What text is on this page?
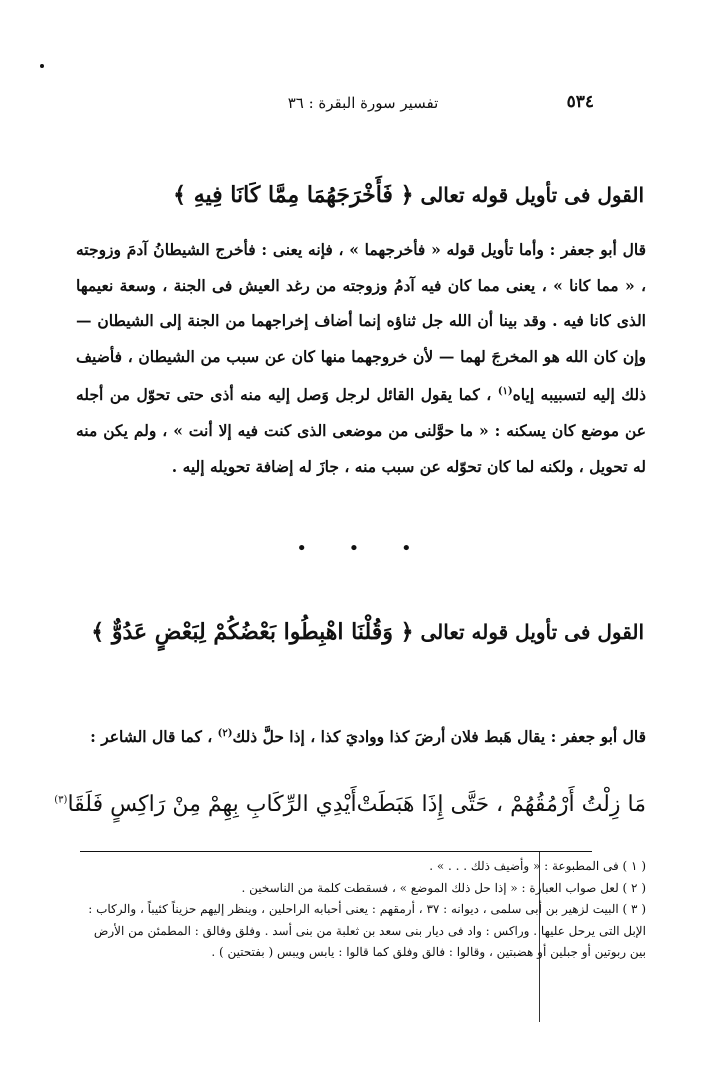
٥٣٤
تفسير سورة البقرة : ٣٦
القول فى تأويل قوله تعالى ﴿ فَأَخْرَجَهُمَا مِمَّا كَانَا فِيهِ ﴾
قال أبو جعفر : وأما تأويل قوله « فأخرجهما » ، فإنه يعنى : فأخرج الشيطانُ آدمَ وزوجته ، « مما كانا » ، يعنى مما كان فيه آدمُ وزوجته من رغد العيش فى الجنة ، وسعة نعيمها الذى كانا فيه . وقد بينا أن الله جل ثناؤه إنما أضاف إخراجهما من الجنة إلى الشيطان — وإن كان الله هو المخرجَ لهما — لأن خروجهما منها كان عن سبب من الشيطان ، فأضيف ذلك إليه لتسبيبه إياه$^{(١)}$ ، كما يقول القائل لرجل وَصل إليه منه أذى حتى تحوّل من أجله عن موضع كان يسكنه : « ما حوَّلنى من موضعى الذى كنت فيه إلا أنت » ، ولم يكن منه له تحويل ، ولكنه لما كان تحوّله عن سبب منه ، جازَ له إضافة تحويله إليه .
• • •
القول فى تأويل قوله تعالى ﴿ وَقُلْنَا اهْبِطُوا بَعْضُكُمْ لِبَعْضٍ عَدُوٌّ ﴾
قال أبو جعفر : يقال هَبط فلان أرضَ كذا وواديَ كذا ، إذا حلَّ ذلك$^{(٢)}$ ، كما قال الشاعر :
مَا زِلْتُ أَرْمُقُهُمْ ، حَتَّى إِذَا هَبَطَتْ
أَيْدِي الرِّكَابِ بِهِمْ مِنْ رَاكِسٍ فَلَقَا$^{(٣)}$

( ١ ) فى المطبوعة : « وأضيف ذلك . . . » .

( ٢ ) لعل صواب العبارة : « إذا حل ذلك الموضع » ، فسقطت كلمة من الناسخين .

( ٣ ) البيت لزهير بن أبى سلمى ، ديوانه : ٣٧ ، أرمقهم : يعنى أحبابه الراحلين ، وينظر إليهم حزيناً كئيباً ، والركاب : الإبل التى يرحل عليها . وراكس : واد فى ديار بنى سعد بن ثعلبة من بنى أسد . وفلق وفالق : المطمئن من الأرض بين ربوتين أو جبلين أو هضبتين ، وقالوا : فالق وفلق كما قالوا : يابس ويبس ( بفتحتين ) .
